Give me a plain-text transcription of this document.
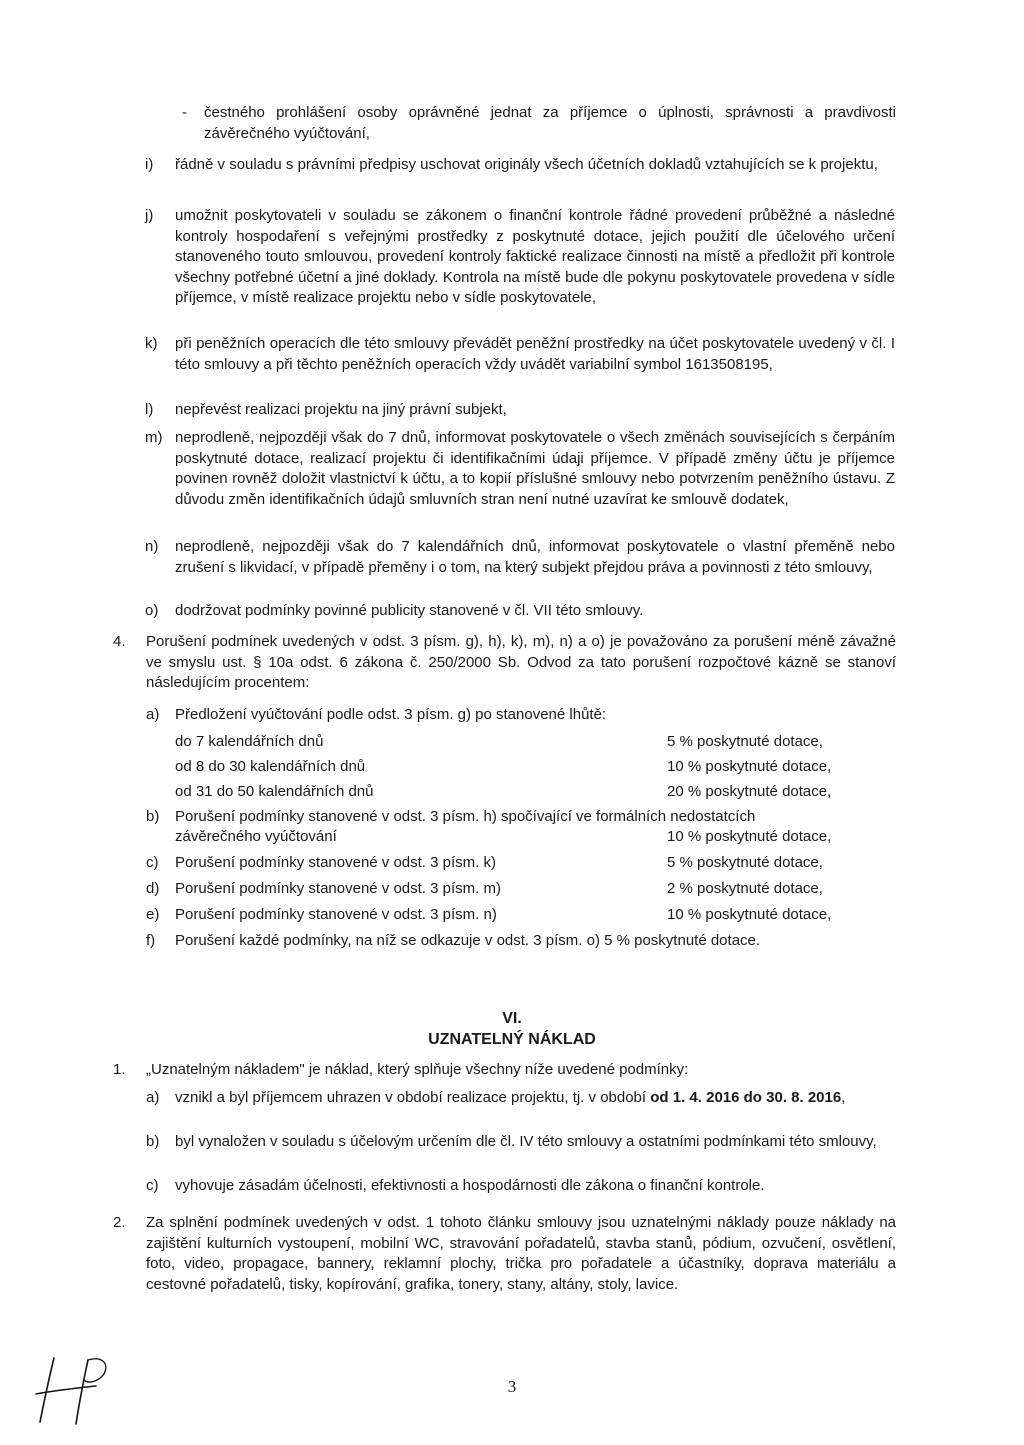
- čestného prohlášení osoby oprávněné jednat za příjemce o úplnosti, správnosti a pravdivosti závěrečného vyúčtování,
i) řádně v souladu s právními předpisy uschovat originály všech účetních dokladů vztahujících se k projektu,
j) umožnit poskytovateli v souladu se zákonem o finanční kontrole řádné provedení průběžné a následné kontroly hospodaření s veřejnými prostředky z poskytnuté dotace, jejich použití dle účelového určení stanoveného touto smlouvou, provedení kontroly faktické realizace činnosti na místě a předložit při kontrole všechny potřebné účetní a jiné doklady. Kontrola na místě bude dle pokynu poskytovatele provedena v sídle příjemce, v místě realizace projektu nebo v sídle poskytovatele,
k) při peněžních operacích dle této smlouvy převádět peněžní prostředky na účet poskytovatele uvedený v čl. I této smlouvy a při těchto peněžních operacích vždy uvádět variabilní symbol 1613508195,
l) nepřevést realizaci projektu na jiný právní subjekt,
m) neprodleně, nejpozději však do 7 dnů, informovat poskytovatele o všech změnách souvisejících s čerpáním poskytnuté dotace, realizací projektu či identifikačními údaji příjemce. V případě změny účtu je příjemce povinen rovněž doložit vlastnictví k účtu, a to kopií příslušné smlouvy nebo potvrzením peněžního ústavu. Z důvodu změn identifikačních údajů smluvních stran není nutné uzavírat ke smlouvě dodatek,
n) neprodleně, nejpozději však do 7 kalendářních dnů, informovat poskytovatele o vlastní přeměně nebo zrušení s likvidací, v případě přeměny i o tom, na který subjekt přejdou práva a povinnosti z této smlouvy,
o) dodržovat podmínky povinné publicity stanovené v čl. VII této smlouvy.
4. Porušení podmínek uvedených v odst. 3 písm. g), h), k), m), n) a o) je považováno za porušení méně závažné ve smyslu ust. § 10a odst. 6 zákona č. 250/2000 Sb. Odvod za tato porušení rozpočtové kázně se stanoví následujícím procentem:
a) Předložení vyúčtování podle odst. 3 písm. g) po stanovené lhůtě:
do 7 kalendářních dnů	5 % poskytnuté dotace,
od 8 do 30 kalendářních dnů	10 % poskytnuté dotace,
od 31 do 50 kalendářních dnů	20 % poskytnuté dotace,
b) Porušení podmínky stanovené v odst. 3 písm. h) spočívající ve formálních nedostatcích
závěrečného vyúčtování	10 % poskytnuté dotace,
c) Porušení podmínky stanovené v odst. 3 písm. k)	5 % poskytnuté dotace,
d) Porušení podmínky stanovené v odst. 3 písm. m)	2 % poskytnuté dotace,
e) Porušení podmínky stanovené v odst. 3 písm. n)	10 % poskytnuté dotace,
f) Porušení každé podmínky, na níž se odkazuje v odst. 3 písm. o) 5 % poskytnuté dotace.
VI.
UZNATELNÝ NÁKLAD
1. „Uznatelným nákladem" je náklad, který splňuje všechny níže uvedené podmínky:
a) vznikl a byl příjemcem uhrazen v období realizace projektu, tj. v období od 1. 4. 2016 do 30. 8. 2016,
b) byl vynaložen v souladu s účelovým určením dle čl. IV této smlouvy a ostatními podmínkami této smlouvy,
c) vyhovuje zásadám účelnosti, efektivnosti a hospodárnosti dle zákona o finanční kontrole.
2. Za splnění podmínek uvedených v odst. 1 tohoto článku smlouvy jsou uznatelnými náklady pouze náklady na zajištění kulturních vystoupení, mobilní WC, stravování pořadatelů, stavba stanů, pódium, ozvučení, osvětlení, foto, video, propagace, bannery, reklamní plochy, trička pro pořadatele a účastníky, doprava materiálu a cestovné pořadatelů, tisky, kopírování, grafika, tonery, stany, altány, stoly, lavice.
3
